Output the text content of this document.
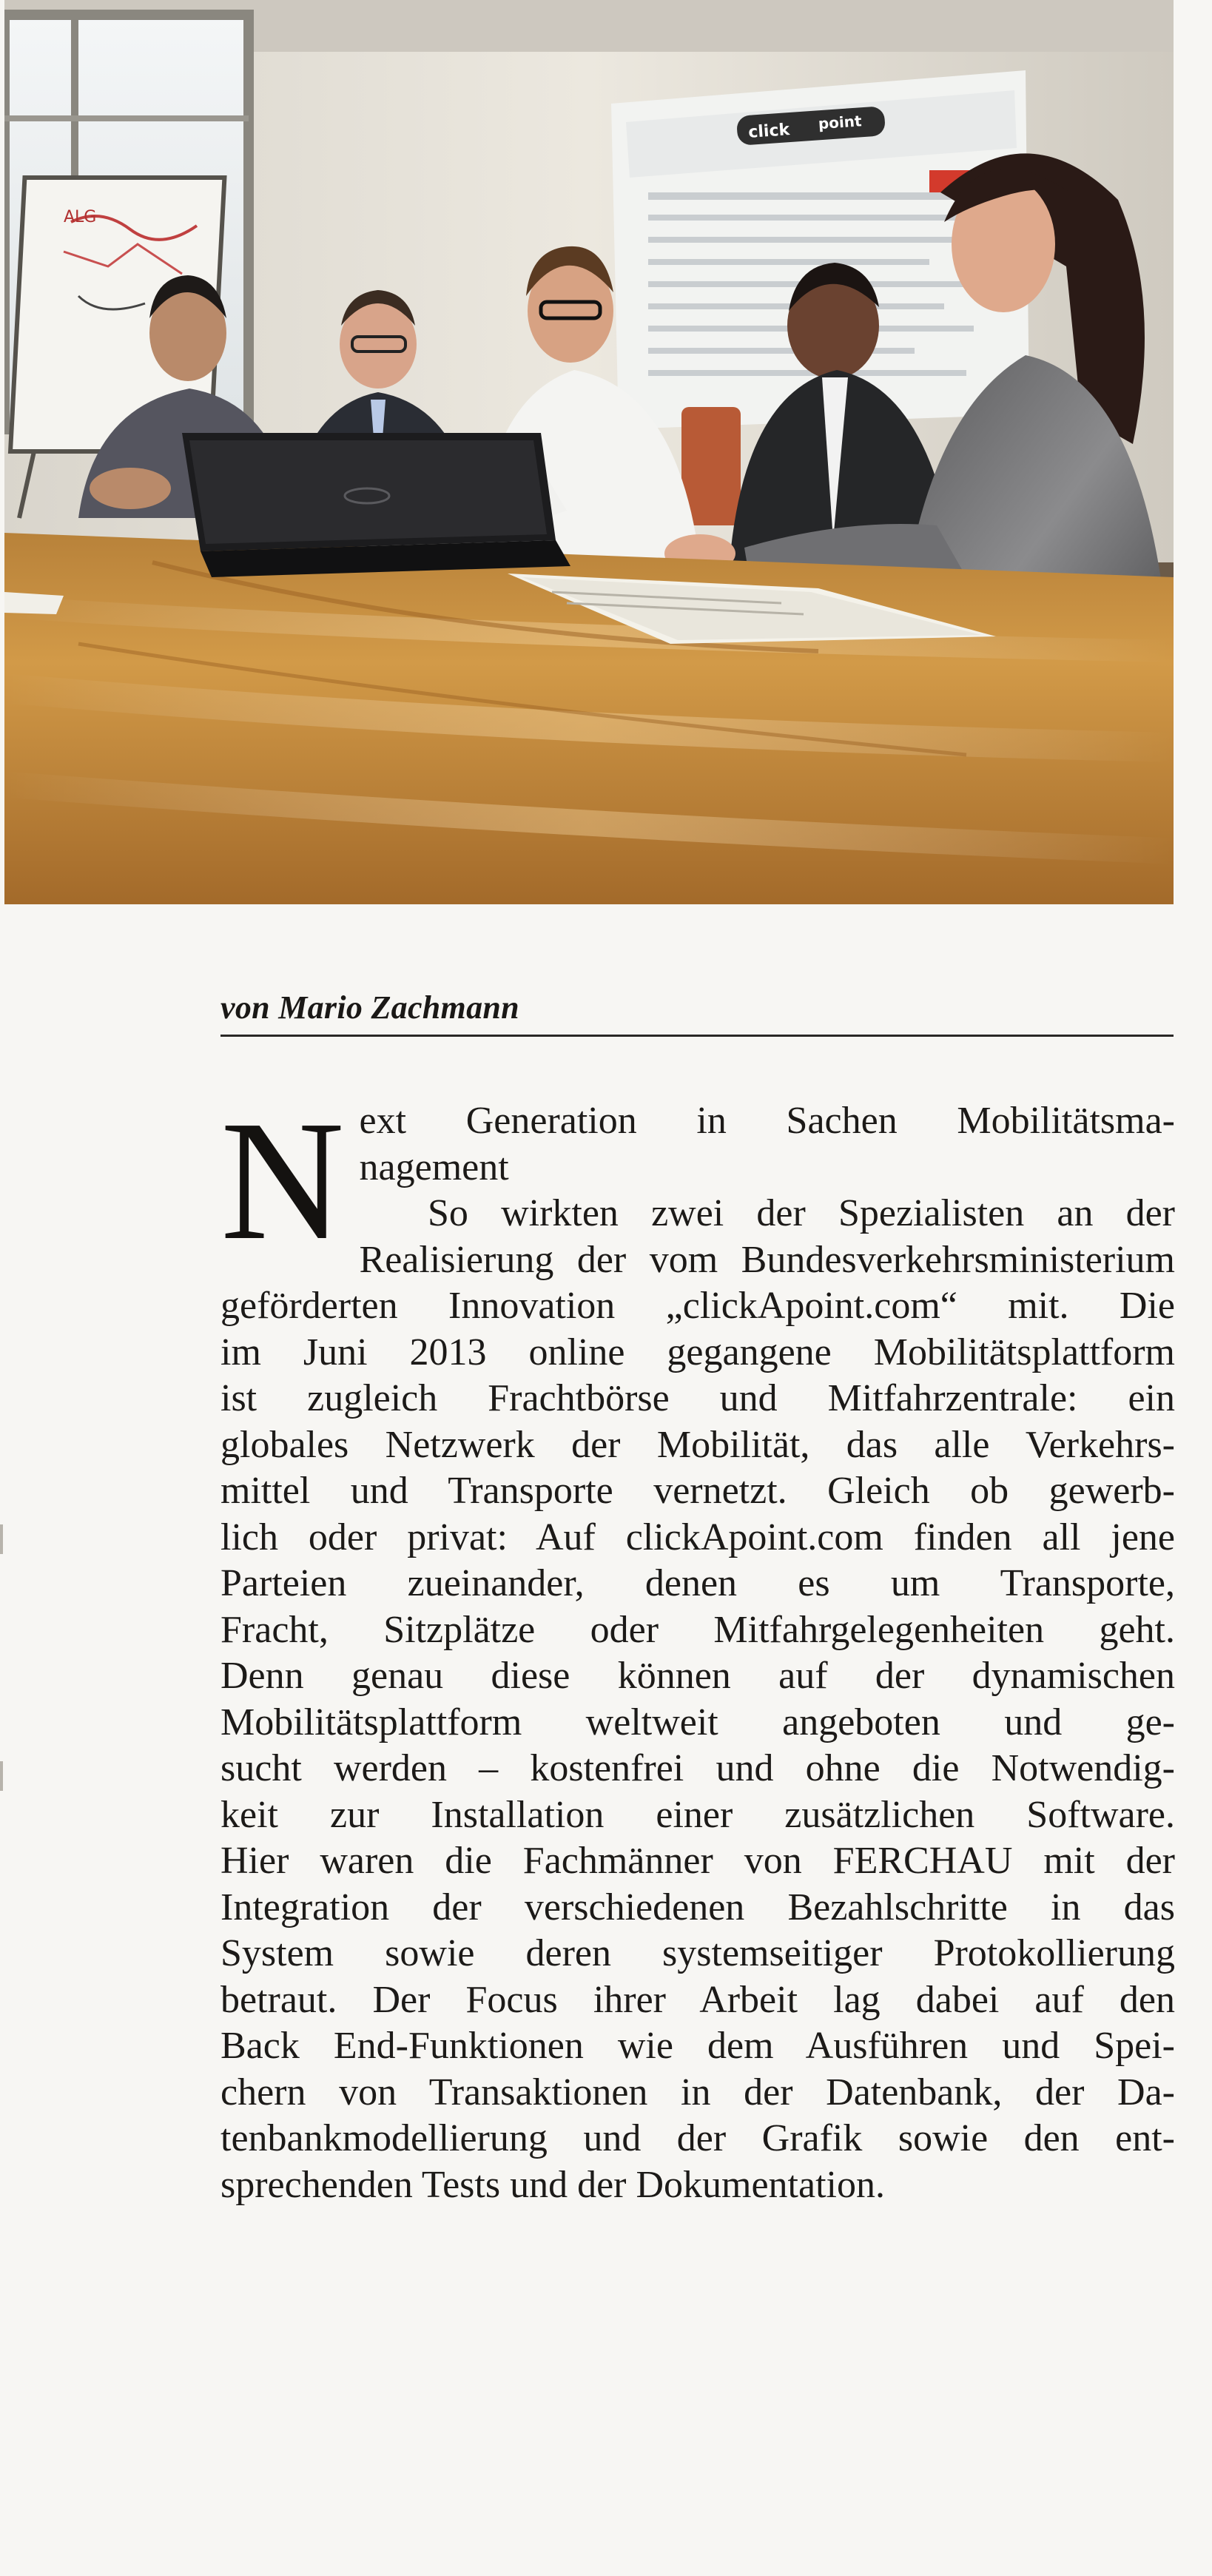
ALG
click point
von Mario Zachmann
N ext Generation in Sachen Mobilitätsma-
nagement
So wirkten zwei der Spezialisten an der
Realisierung der vom Bundesverkehrsministerium
geförderten Innovation „clickApoint.com“ mit. Die
im Juni 2013 online gegangene Mobilitätsplattform
ist zugleich Frachtbörse und Mitfahrzentrale: ein
globales Netzwerk der Mobilität, das alle Verkehrs-
mittel und Transporte vernetzt. Gleich ob gewerb-
lich oder privat: Auf clickApoint.com finden all jene
Parteien zueinander, denen es um Transporte,
Fracht, Sitzplätze oder Mitfahrgelegenheiten geht.
Denn genau diese können auf der dynamischen
Mobilitätsplattform weltweit angeboten und ge-
sucht werden – kostenfrei und ohne die Notwendig-
keit zur Installation einer zusätzlichen Software.
Hier waren die Fachmänner von FERCHAU mit der
Integration der verschiedenen Bezahlschritte in das
System sowie deren systemseitiger Protokollierung
betraut. Der Focus ihrer Arbeit lag dabei auf den
Back End-Funktionen wie dem Ausführen und Spei-
chern von Transaktionen in der Datenbank, der Da-
tenbankmodellierung und der Grafik sowie den ent-
sprechenden Tests und der Dokumentation.
